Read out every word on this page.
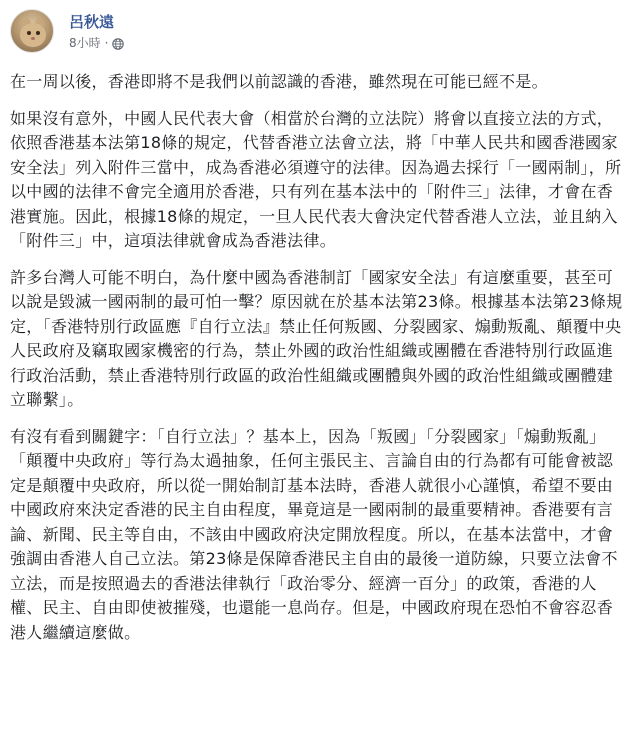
呂秋遠
8小時 ·

在一周以後，香港即將不是我們以前認識的香港，雖然現在可能已經不是。

如果沒有意外，中國人民代表大會（相當於台灣的立法院）將會以直接立法的方式，依照香港基本法第18條的規定，代替香港立法會立法，將「中華人民共和國香港國家安全法」列入附件三當中，成為香港必須遵守的法律。因為過去採行「一國兩制」，所以中國的法律不會完全適用於香港，只有列在基本法中的「附件三」法律，才會在香港實施。因此，根據18條的規定，一旦人民代表大會決定代替香港人立法，並且納入「附件三」中，這項法律就會成為香港法律。

許多台灣人可能不明白，為什麼中國為香港制訂「國家安全法」有這麼重要，甚至可以說是毀滅一國兩制的最可怕一擊？原因就在於基本法第23條。根據基本法第23條規定，「香港特別行政區應『自行立法』禁止任何叛國、分裂國家、煽動叛亂、顛覆中央人民政府及竊取國家機密的行為，禁止外國的政治性組織或團體在香港特別行政區進行政治活動，禁止香港特別行政區的政治性組織或團體與外國的政治性組織或團體建立聯繫」。

有沒有看到關鍵字：「自行立法」？基本上，因為「叛國」「分裂國家」「煽動叛亂」「顛覆中央政府」等行為太過抽象，任何主張民主、言論自由的行為都有可能會被認定是顛覆中央政府，所以從一開始制訂基本法時，香港人就很小心謹慎，希望不要由中國政府來決定香港的民主自由程度，畢竟這是一國兩制的最重要精神。香港要有言論、新聞、民主等自由，不該由中國政府決定開放程度。所以，在基本法當中，才會強調由香港人自己立法。第23條是保障香港民主自由的最後一道防線，只要立法會不立法，而是按照過去的香港法律執行「政治零分、經濟一百分」的政策，香港的人權、民主、自由即使被摧殘，也還能一息尚存。但是，中國政府現在恐怕不會容忍香港人繼續這麼做。
